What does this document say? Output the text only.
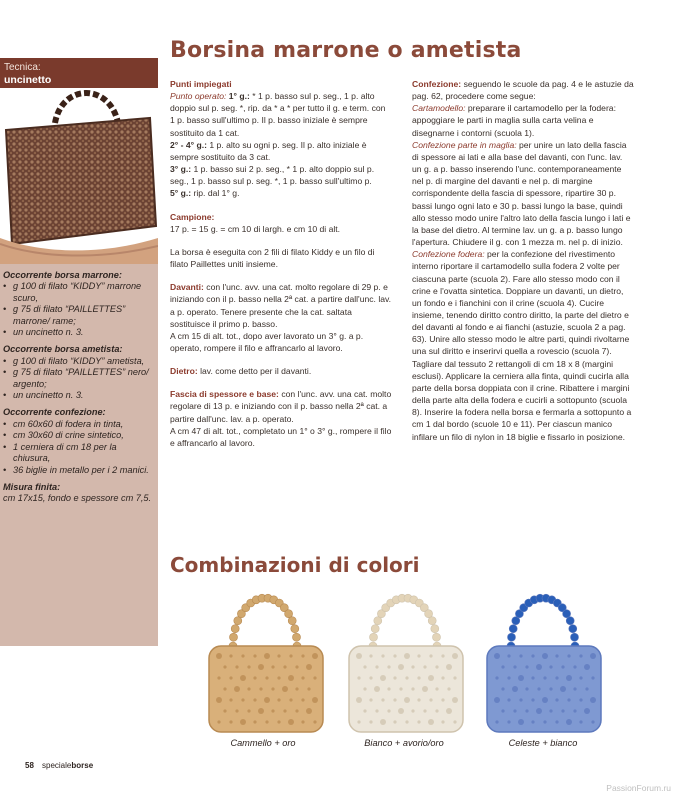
Borsina marrone o ametista
Tecnica:
uncinetto
Occorrente borsa marrone:
• g 100 di filato “KIDDY” marrone scuro,
• g 75 di filato “PAILLETTES” marrone/ rame;
• un uncinetto n. 3.
Occorrente borsa ametista:
• g 100 di filato “KIDDY” ametista,
• g 75 di filato “PAILLETTES” nero/ argento;
• un uncinetto n. 3.
Occorrente confezione:
• cm 60x60 di fodera in tinta,
• cm 30x60 di crine sintetico,
• 1 cerniera di cm 18 per la chiusura,
• 36 biglie in metallo per i 2 manici.
Misura finita:
cm 17x15, fondo e spessore cm 7,5.

Punti impiegati

Punto operato: 1° g.: * 1 p. basso sul p. seg., 1 p. alto doppio sul p. seg. *, rip. da * a * per tutto il g. e term. con 1 p. basso sull'ultimo p. Il p. basso iniziale è sempre sostituito da 1 cat.

2° - 4° g.: 1 p. alto su ogni p. seg. Il p. alto iniziale è sempre sostituito da 3 cat.

3° g.: 1 p. basso sui 2 p. seg., * 1 p. alto doppio sul p. seg., 1 p. basso sul p. seg. *, 1 p. basso sull'ultimo p.

5° g.: rip. dal 1° g.

Campione:

17 p. = 15 g. = cm 10 di largh. e cm 10 di alt.

La borsa è eseguita con 2 fili di filato Kiddy e un filo di filato Paillettes uniti insieme.

Davanti: con l'unc. avv. una cat. molto regolare di 29 p. e iniziando con il p. basso nella 2ª cat. a partire dall'unc. lav. a p. operato. Tenere presente che la cat. saltata sostituisce il primo p. basso.

A cm 15 di alt. tot., dopo aver lavorato un 3° g. a p. operato, rompere il filo e affrancarlo al lavoro.

Dietro: lav. come detto per il davanti.

Fascia di spessore e base: con l'unc. avv. una cat. molto regolare di 13 p. e iniziando con il p. basso nella 2ª cat. a partire dall'unc. lav. a p. operato.

A cm 47 di alt. tot., completato un 1° o 3° g., rompere il filo e affrancarlo al lavoro.

Confezione: seguendo le scuole da pag. 4 e le astuzie da pag. 62, procedere come segue:

Cartamodello: preparare il cartamodello per la fodera: appoggiare le parti in maglia sulla carta velina e disegnarne i contorni (scuola 1).

Confezione parte in maglia: per unire un lato della fascia di spessore ai lati e alla base del davanti, con l'unc. lav. un g. a p. basso inserendo l'unc. contemporaneamente nel p. di margine del davanti e nel p. di margine corrispondente della fascia di spessore, ripartire 30 p. bassi lungo ogni lato e 30 p. bassi lungo la base, quindi allo stesso modo unire l'altro lato della fascia lungo i lati e la base del dietro. Al termine lav. un g. a p. basso lungo l'apertura. Chiudere il g. con 1 mezza m. nel p. di inizio.

Confezione fodera: per la confezione del rivestimento interno riportare il cartamodello sulla fodera 2 volte per ciascuna parte (scuola 2). Fare allo stesso modo con il crine e l'ovatta sintetica. Doppiare un davanti, un dietro, un fondo e i fianchini con il crine (scuola 4). Cucire insieme, tenendo diritto contro diritto, la parte del dietro e del davanti al fondo e ai fianchi (astuzie, scuola 2 a pag. 63). Unire allo stesso modo le altre parti, quindi rivoltarne una sul diritto e inserirvi quella a rovescio (scuola 7). Tagliare dal tessuto 2 rettangoli di cm 18 x 8 (margini esclusi). Applicare la cerniera alla finta, quindi cucirla alla parte della borsa doppiata con il crine. Ribattere i margini della parte alta della fodera e cucirli a sottopunto (scuola 8). Inserire la fodera nella borsa e fermarla a sottopunto a cm 1 dal bordo (scuole 10 e 11). Per ciascun manico infilare un filo di nylon in 18 biglie e fissarlo in posizione.

Combinazioni di colori
Cammello + oro	Bianco + avorio/oro	Celeste + bianco
58 specialeborse
PassionForum.ru
